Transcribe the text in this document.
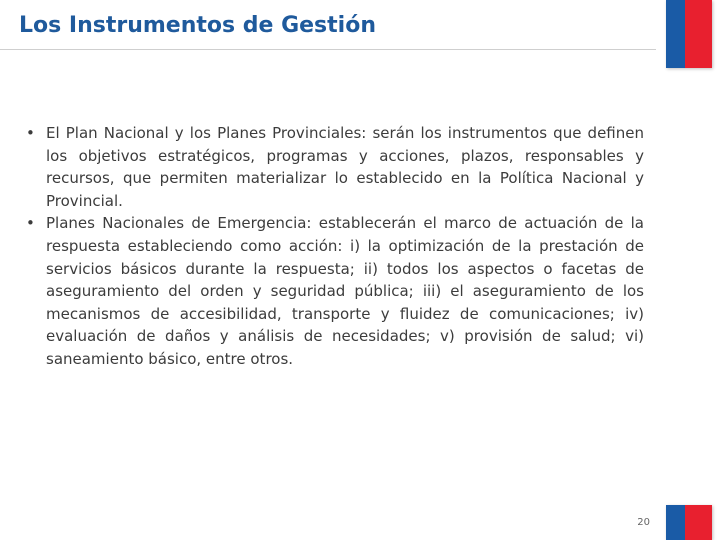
Los Instrumentos de Gestión
• El Plan Nacional y los Planes Provinciales: serán los instrumentos que definen los objetivos estratégicos, programas y acciones, plazos, responsables y recursos, que permiten materializar lo establecido en la Política Nacional y Provincial.
• Planes Nacionales de Emergencia: establecerán el marco de actuación de la respuesta estableciendo como acción: i) la optimización de la prestación de servicios básicos durante la respuesta; ii) todos los aspectos o facetas de aseguramiento del orden y seguridad pública; iii) el aseguramiento de los mecanismos de accesibilidad, transporte y fluidez de comunicaciones; iv) evaluación de daños y análisis de necesidades; v) provisión de salud; vi) saneamiento básico, entre otros.
20
